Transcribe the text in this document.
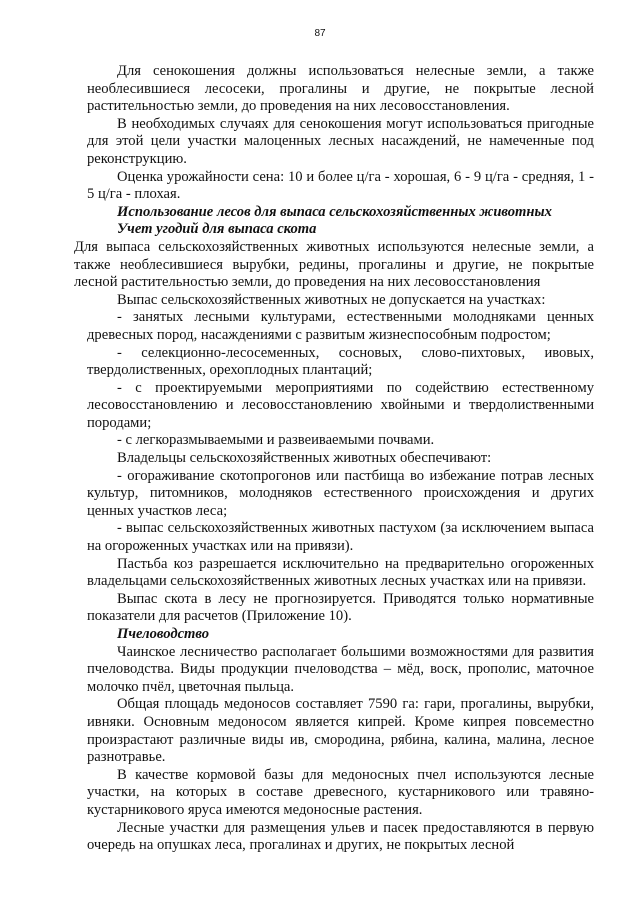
87

Для сенокошения должны использоваться нелесные земли, а также необлесившиеся лесосеки, прогалины и другие, не покрытые лесной растительностью земли, до проведения на них лесовосстановления.

В необходимых случаях для сенокошения могут использоваться пригодные для этой цели участки малоценных лесных насаждений, не намеченные под реконструкцию.

Оценка урожайности сена: 10 и более ц/га - хорошая, 6 - 9 ц/га - средняя, 1 - 5 ц/га - плохая.

Использование лесов для выпаса сельскохозяйственных животных

Учет угодий для выпаса скота

Для выпаса сельскохозяйственных животных используются нелесные земли, а также необлесившиеся вырубки, редины, прогалины и другие, не покрытые лесной растительностью земли, до проведения на них лесовосстановления

Выпас сельскохозяйственных животных не допускается на участках:

- занятых лесными культурами, естественными молодняками ценных древесных пород, насаждениями с развитым жизнеспособным подростом;

- селекционно-лесосеменных, сосновых, слово-пихтовых, ивовых, твердолиственных, орехоплодных плантаций;

- с проектируемыми мероприятиями по содействию естественному лесовосстановлению и лесовосстановлению хвойными и твердолиственными породами;

- с легкоразмываемыми и развеиваемыми почвами.

Владельцы сельскохозяйственных животных обеспечивают:

- огораживание скотопрогонов или пастбища во избежание потрав лесных культур, питомников, молодняков естественного происхождения и других ценных участков леса;

- выпас сельскохозяйственных животных пастухом (за исключением выпаса на огороженных участках или на привязи).

Пастьба коз разрешается исключительно на предварительно огороженных владельцами сельскохозяйственных животных лесных участках или на привязи.

Выпас скота в лесу не прогнозируется. Приводятся только нормативные показатели для расчетов (Приложение 10).

Пчеловодство

Чаинское лесничество располагает большими возможностями для развития пчеловодства. Виды продукции пчеловодства – мёд, воск, прополис, маточное молочко пчёл, цветочная пыльца.

Общая площадь медоносов составляет 7590 га: гари, прогалины, вырубки, ивняки. Основным медоносом является кипрей. Кроме кипрея повсеместно произрастают различные виды ив, смородина, рябина, калина, малина, лесное разнотравье.

В качестве кормовой базы для медоносных пчел используются лесные участки, на которых в составе древесного, кустарникового или травяно-кустарникового яруса имеются медоносные растения.

Лесные участки для размещения ульев и пасек предоставляются в первую очередь на опушках леса, прогалинах и других, не покрытых лесной
